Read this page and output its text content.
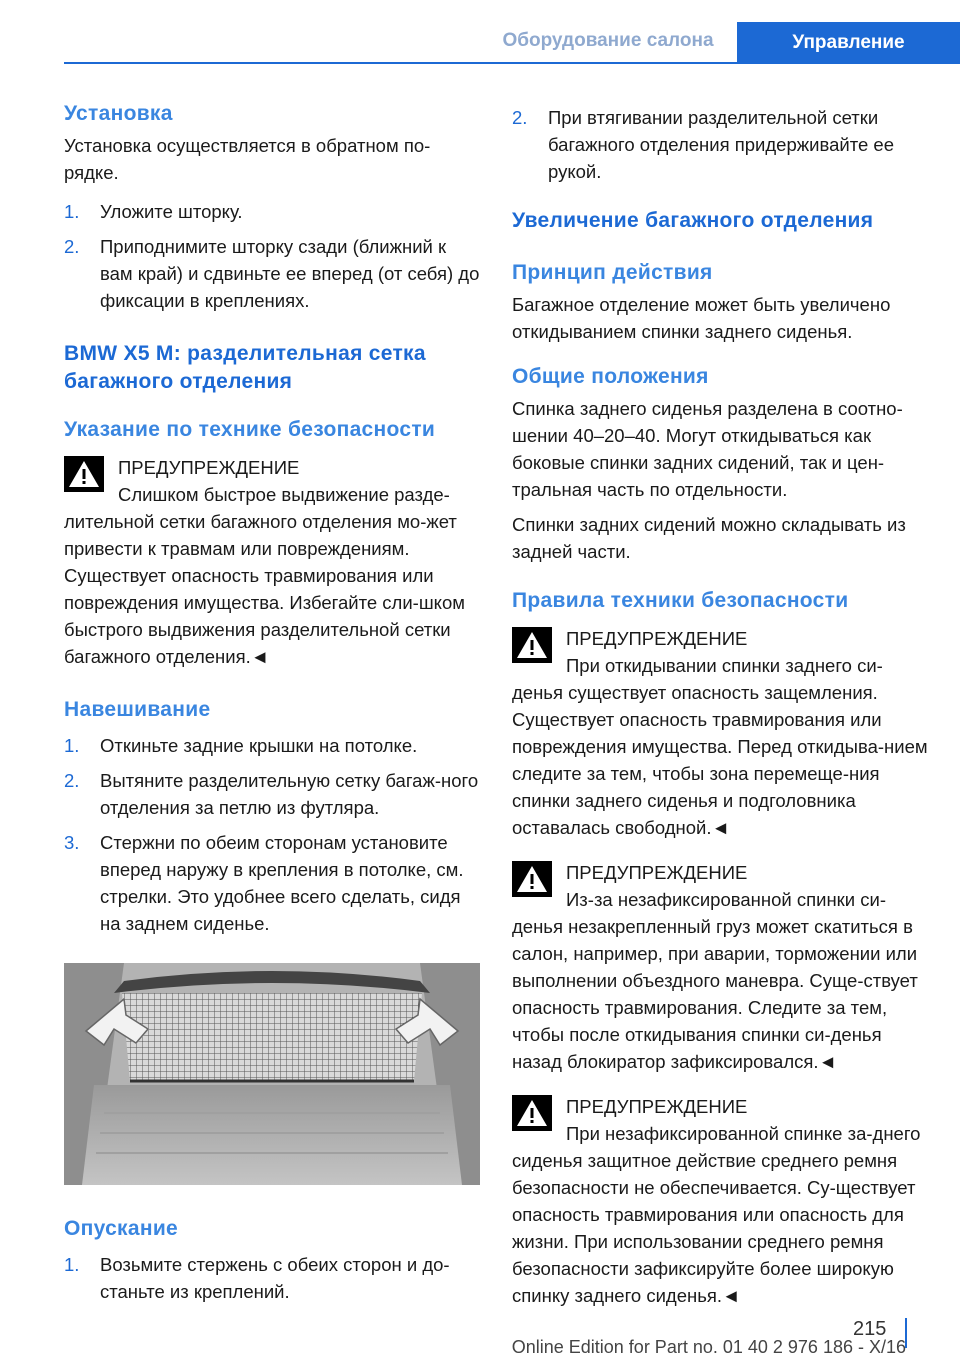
Оборудование салона	Управление
Установка
Установка осуществляется в обратном по-рядке.
1. Уложите шторку.
2. Приподнимите шторку сзади (ближний к вам край) и сдвиньте ее вперед (от себя) до фиксации в креплениях.
BMW X5 M: разделительная сетка багажного отделения
Указание по технике безопасности
ПРЕДУПРЕЖДЕНИЕ
Слишком быстрое выдвижение разде-лительной сетки багажного отделения мо-жет привести к травмам или повреждениям. Существует опасность травмирования или повреждения имущества. Избегайте сли-шком быстрого выдвижения разделительной сетки багажного отделения.◄
Навешивание
1. Откиньте задние крышки на потолке.
2. Вытяните разделительную сетку багаж-ного отделения за петлю из футляра.
3. Стержни по обеим сторонам установите вперед наружу в крепления в потолке, см. стрелки. Это удобнее всего сделать, сидя на заднем сиденье.
Опускание
1. Возьмите стержень с обеих сторон и до-станьте из креплений.
2. При втягивании разделительной сетки багажного отделения придерживайте ее рукой.
Увеличение багажного отделения
Принцип действия
Багажное отделение может быть увеличено откидыванием спинки заднего сиденья.
Общие положения
Спинка заднего сиденья разделена в соотно-шении 40–20–40. Могут откидываться как боковые спинки задних сидений, так и цен-тральная часть по отдельности.
Спинки задних сидений можно складывать из задней части.
Правила техники безопасности
ПРЕДУПРЕЖДЕНИЕ
При откидывании спинки заднего си-денья существует опасность защемления. Существует опасность травмирования или повреждения имущества. Перед откидыва-нием следите за тем, чтобы зона перемеще-ния спинки заднего сиденья и подголовника оставалась свободной.◄
ПРЕДУПРЕЖДЕНИЕ
Из-за незафиксированной спинки си-денья незакрепленный груз может скатиться в салон, например, при аварии, торможении или выполнении объездного маневра. Суще-ствует опасность травмирования. Следите за тем, чтобы после откидывания спинки си-денья назад блокиратор зафиксировался.◄
ПРЕДУПРЕЖДЕНИЕ
При незафиксированной спинке за-днего сиденья защитное действие среднего ремня безопасности не обеспечивается. Су-ществует опасность травмирования или опасность для жизни. При использовании среднего ремня безопасности зафиксируйте более широкую спинку заднего сиденья.◄
215
Online Edition for Part no. 01 40 2 976 186 - X/16
